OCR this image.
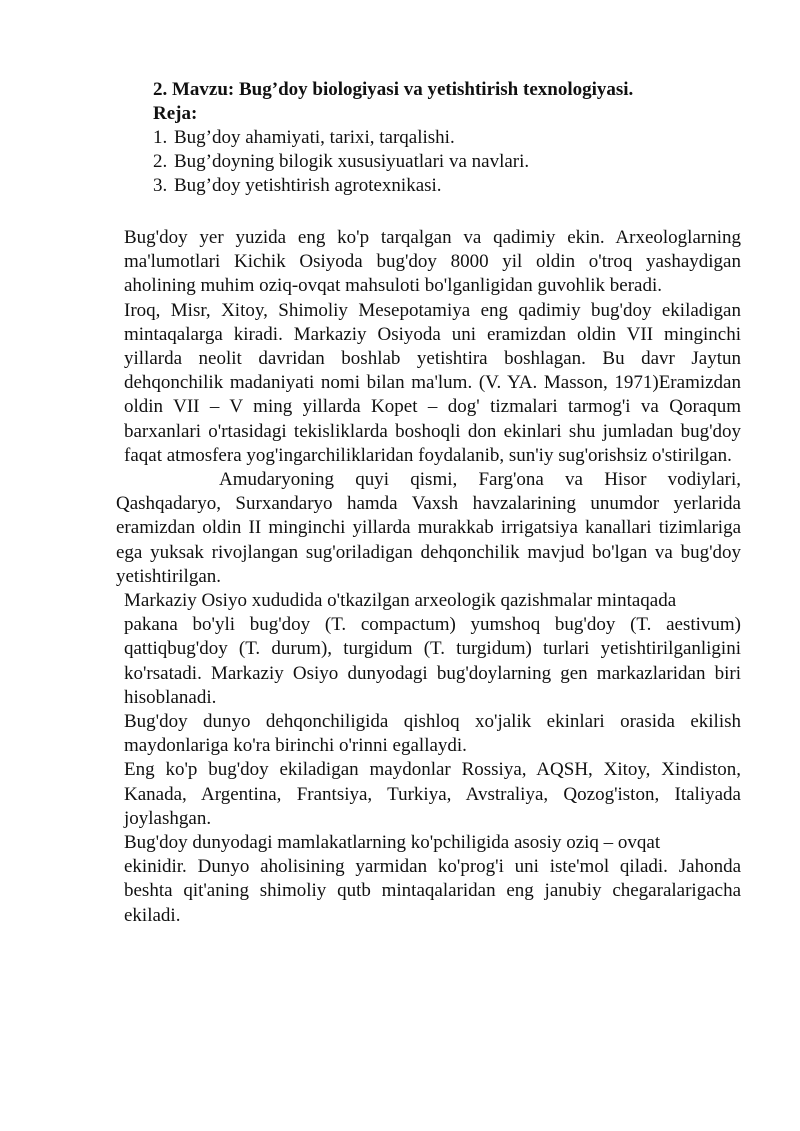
2. Mavzu: Bug’doy biologiyasi va yetishtirish texnologiyasi.
Reja:
1. Bug’doy ahamiyati, tarixi, tarqalishi.
2. Bug’doyning bilogik xususiyuatlari va navlari.
3. Bug’doy yetishtirish agrotexnikasi.

Bug'doy yer yuzida eng ko'p tarqalgan va qadimiy ekin. Arxeologlarning ma'lumotlari Kichik Osiyoda bug'doy 8000 yil oldin o'troq yashaydigan aholining muhim oziq-ovqat mahsuloti bo'lganligidan guvohlik beradi.

Iroq, Misr, Xitoy, Shimoliy Mesepotamiya eng qadimiy bug'doy ekiladigan mintaqalarga kiradi. Markaziy Osiyoda uni eramizdan oldin VII minginchi yillarda neolit davridan boshlab yetishtira boshlagan. Bu davr Jaytun dehqonchilik madaniyati nomi bilan ma'lum. (V. YA. Masson, 1971)Eramizdan oldin VII – V ming yillarda Kopet – dog' tizmalari tarmog'i va Qoraqum barxanlari o'rtasidagi tekisliklarda boshoqli don ekinlari shu jumladan bug'doy faqat atmosfera yog'ingarchiliklaridan foydalanib, sun'iy sug'orishsiz o'stirilgan.

Amudaryoning quyi qismi, Farg'ona va Hisor vodiylari, Qashqadaryo, Surxandaryo hamda Vaxsh havzalarining unumdor yerlarida eramizdan oldin II minginchi yillarda murakkab irrigatsiya kanallari tizimlariga ega yuksak rivojlangan sug'oriladigan dehqonchilik mavjud bo'lgan va bug'doy yetishtirilgan.

Markaziy Osiyo xududida o'tkazilgan arxeologik qazishmalar mintaqada

pakana bo'yli bug'doy (T. compactum) yumshoq bug'doy (T. aestivum) qattiqbug'doy (T. durum), turgidum (T. turgidum) turlari yetishtirilganligini ko'rsatadi. Markaziy Osiyo dunyodagi bug'doylarning gen markazlaridan biri hisoblanadi.

Bug'doy dunyo dehqonchiligida qishloq xo'jalik ekinlari orasida ekilish maydonlariga ko'ra birinchi o'rinni egallaydi.

Eng ko'p bug'doy ekiladigan maydonlar Rossiya, AQSH, Xitoy, Xindiston, Kanada, Argentina, Frantsiya, Turkiya, Avstraliya, Qozog'iston, Italiyada joylashgan.

Bug'doy dunyodagi mamlakatlarning ko'pchiligida asosiy oziq – ovqat

ekinidir. Dunyo aholisining yarmidan ko'prog'i uni iste'mol qiladi. Jahonda beshta qit'aning shimoliy qutb mintaqalaridan eng janubiy chegaralarigacha ekiladi.
